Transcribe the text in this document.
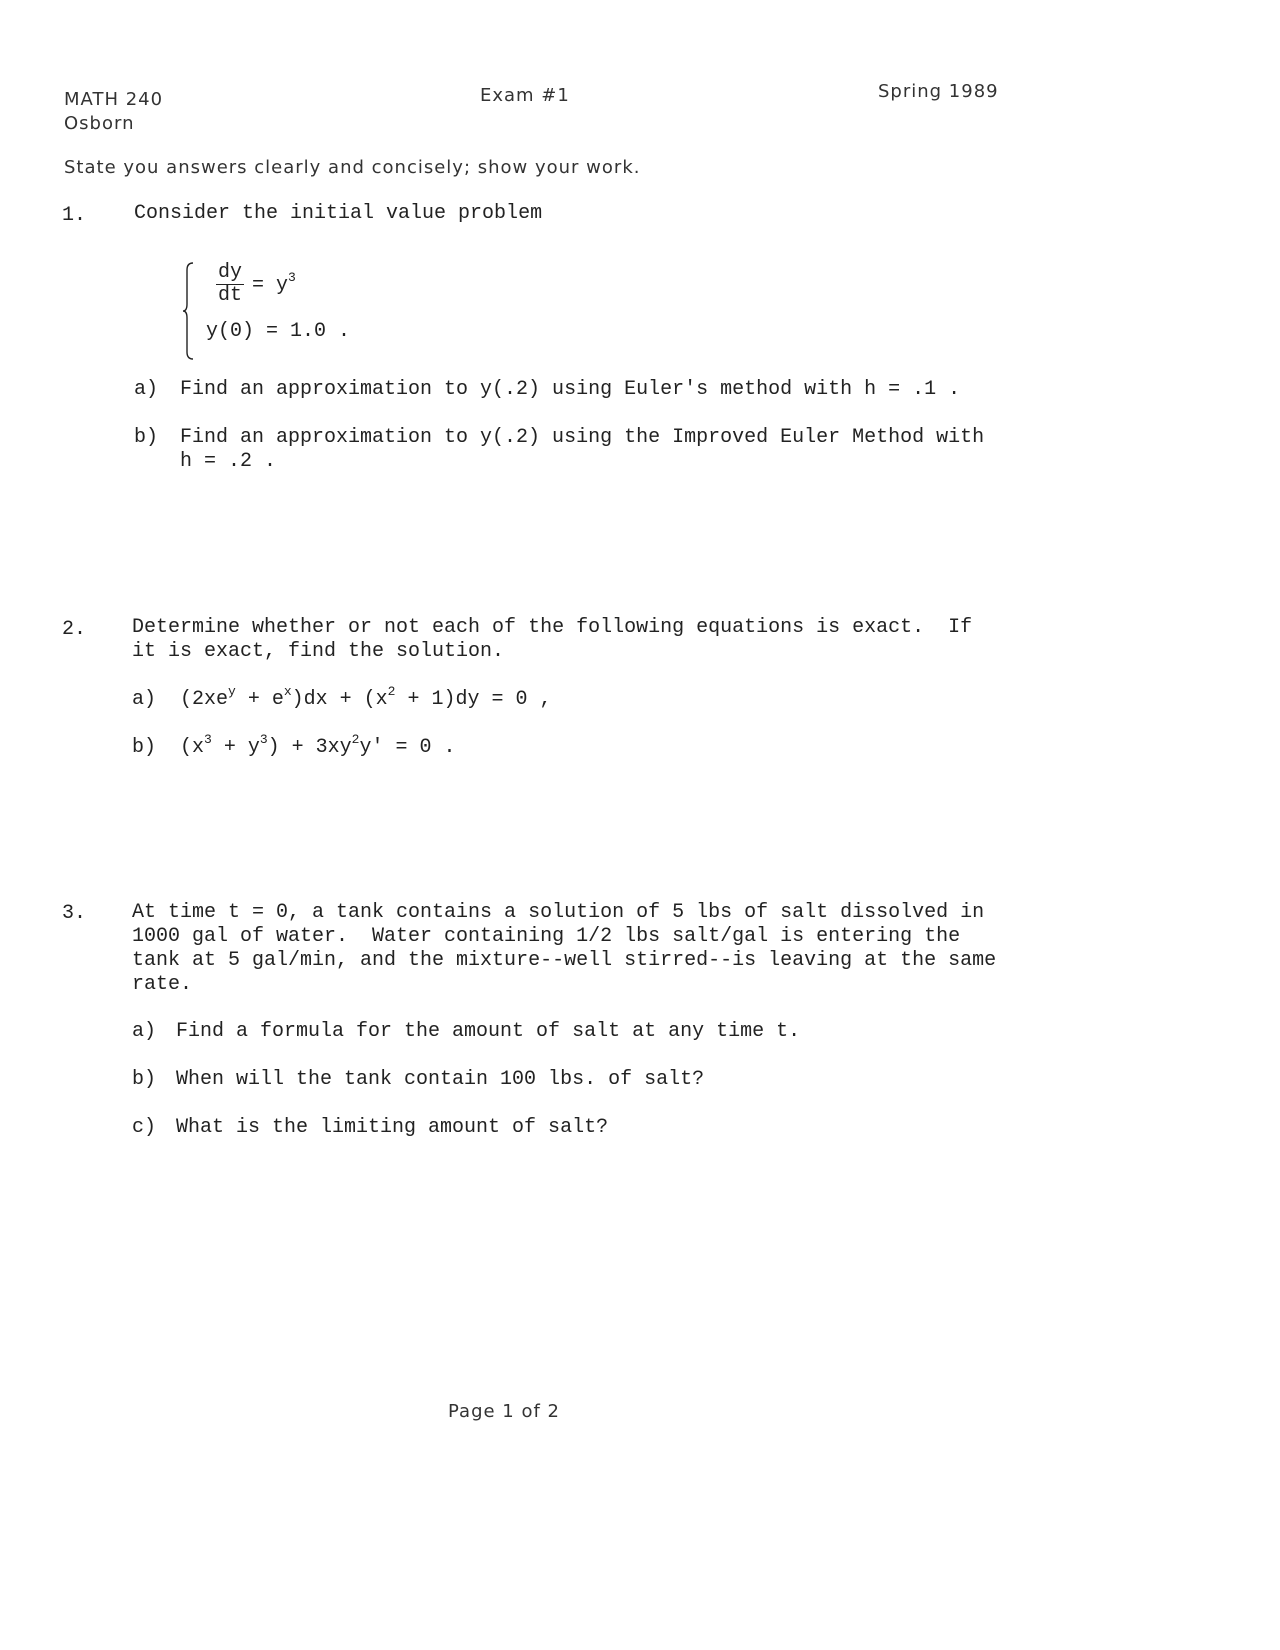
MATH 240
Osborn
Exam #1	Spring 1989
State you answers clearly and concisely; show your work.
1. Consider the initial value problem
dy
dt = $y^3$
y(0) = 1.0 .
a) Find an approximation to y(.2) using Euler's method with h = .1 .
b) Find an approximation to y(.2) using the Improved Euler Method with
h = .2 .
2. Determine whether or not each of the following equations is exact.  If
it is exact, find the solution.
a) $(2xe^y + e^x)dx + (x^2 + 1)dy = 0$ ,
b) $(x^3 + y^3) + 3xy^2y' = 0$ .
3. At time t = 0, a tank contains a solution of 5 lbs of salt dissolved in
1000 gal of water.  Water containing 1/2 lbs salt/gal is entering the
tank at 5 gal/min, and the mixture--well stirred--is leaving at the same
rate.
a) Find a formula for the amount of salt at any time t.
b) When will the tank contain 100 lbs. of salt?
c) What is the limiting amount of salt?
Page 1 of 2
